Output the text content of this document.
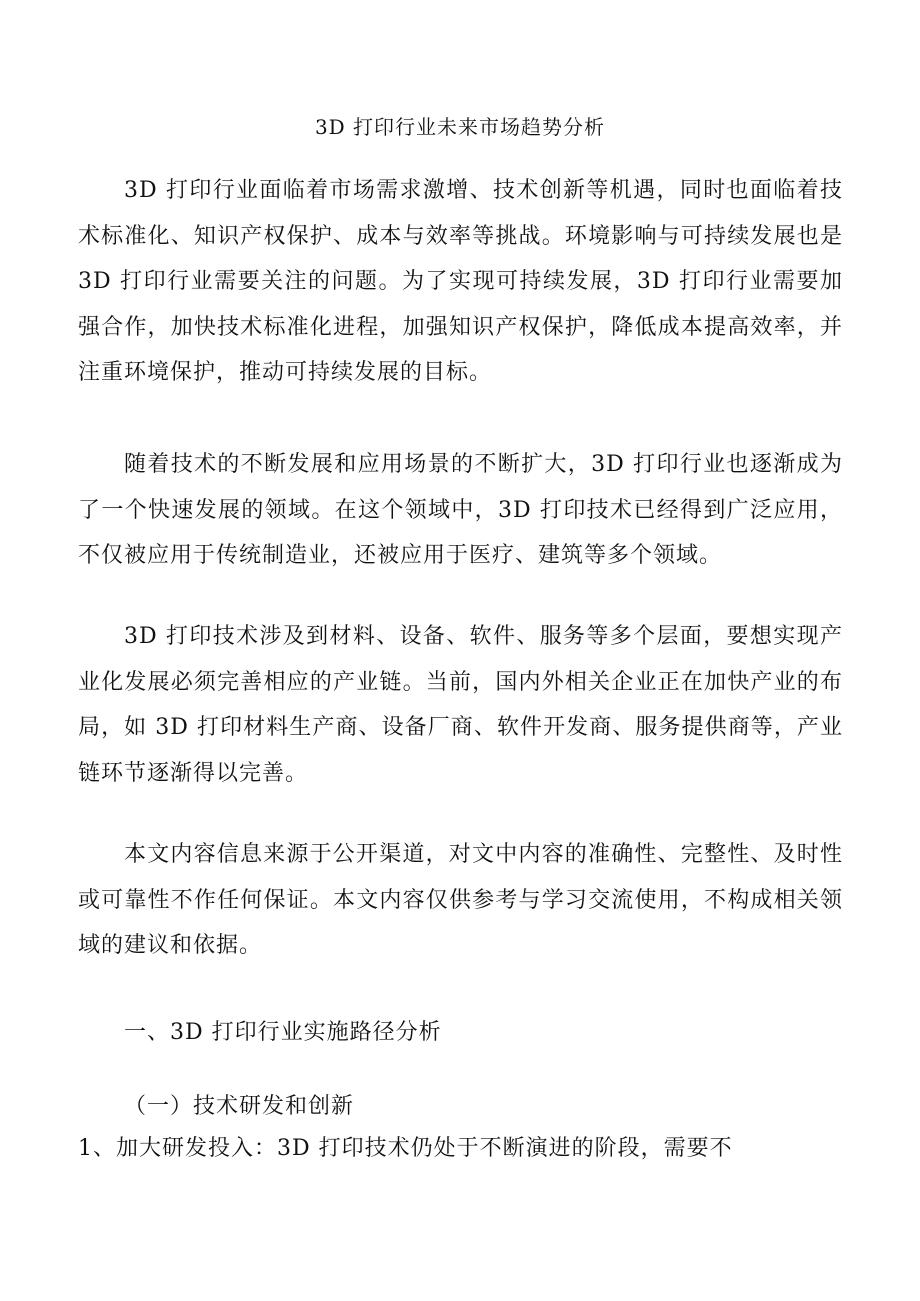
3D 打印行业未来市场趋势分析

3D 打印行业面临着市场需求激增、技术创新等机遇，同时也面临着技术标准化、知识产权保护、成本与效率等挑战。环境影响与可持续发展也是 3D 打印行业需要关注的问题。为了实现可持续发展，3D 打印行业需要加强合作，加快技术标准化进程，加强知识产权保护，降低成本提高效率，并注重环境保护，推动可持续发展的目标。

随着技术的不断发展和应用场景的不断扩大，3D 打印行业也逐渐成为了一个快速发展的领域。在这个领域中，3D 打印技术已经得到广泛应用，不仅被应用于传统制造业，还被应用于医疗、建筑等多个领域。

3D 打印技术涉及到材料、设备、软件、服务等多个层面，要想实现产业化发展必须完善相应的产业链。当前，国内外相关企业正在加快产业的布局，如 3D 打印材料生产商、设备厂商、软件开发商、服务提供商等，产业链环节逐渐得以完善。

本文内容信息来源于公开渠道，对文中内容的准确性、完整性、及时性或可靠性不作任何保证。本文内容仅供参考与学习交流使用，不构成相关领域的建议和依据。

一、3D 打印行业实施路径分析
（一）技术研发和创新

1、加大研发投入：3D 打印技术仍处于不断演进的阶段，需要不
